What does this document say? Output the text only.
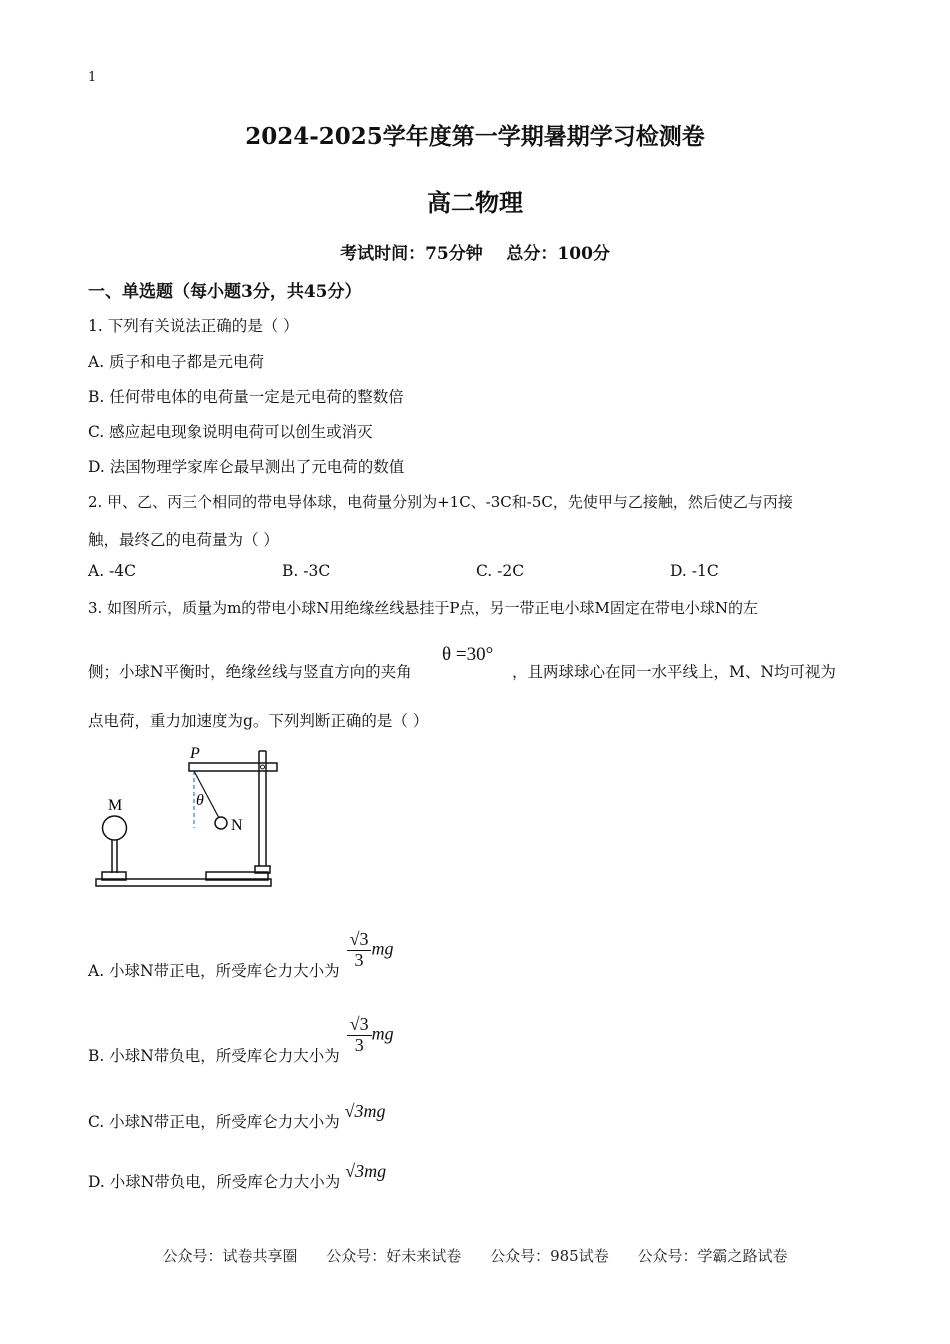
1
2024-2025学年度第一学期暑期学习检测卷
高二物理
考试时间：75分钟    总分：100分
一、单选题（每小题3分，共45分）
1. 下列有关说法正确的是（ ）
A. 质子和电子都是元电荷
B. 任何带电体的电荷量一定是元电荷的整数倍
C. 感应起电现象说明电荷可以创生或消灭
D. 法国物理学家库仑最早测出了元电荷的数值
2. 甲、乙、丙三个相同的带电导体球，电荷量分别为+1C、-3C和-5C，先使甲与乙接触，然后使乙与丙接
触，最终乙的电荷量为（ ）
A. -4C	B. -3C	C. -2C	D. -1C
3. 如图所示，质量为m的带电小球N用绝缘丝线悬挂于P点，另一带正电小球M固定在带电小球N的左
侧；小球N平衡时，绝缘丝线与竖直方向的夹角
θ =30°
，且两球球心在同一水平线上，M、N均可视为
点电荷，重力加速度为g。下列判断正确的是（ ）
M
P
θ
N
A. 小球N带正电，所受库仑力大小为
$\frac{√3}{3}$ mg
B. 小球N带负电，所受库仑力大小为
$\frac{√3}{3}$ mg
C. 小球N带正电，所受库仑力大小为 √3mg
D. 小球N带负电，所受库仑力大小为 √3mg
公众号：试卷共享圈 公众号：好未来试卷 公众号：985试卷 公众号：学霸之路试卷
